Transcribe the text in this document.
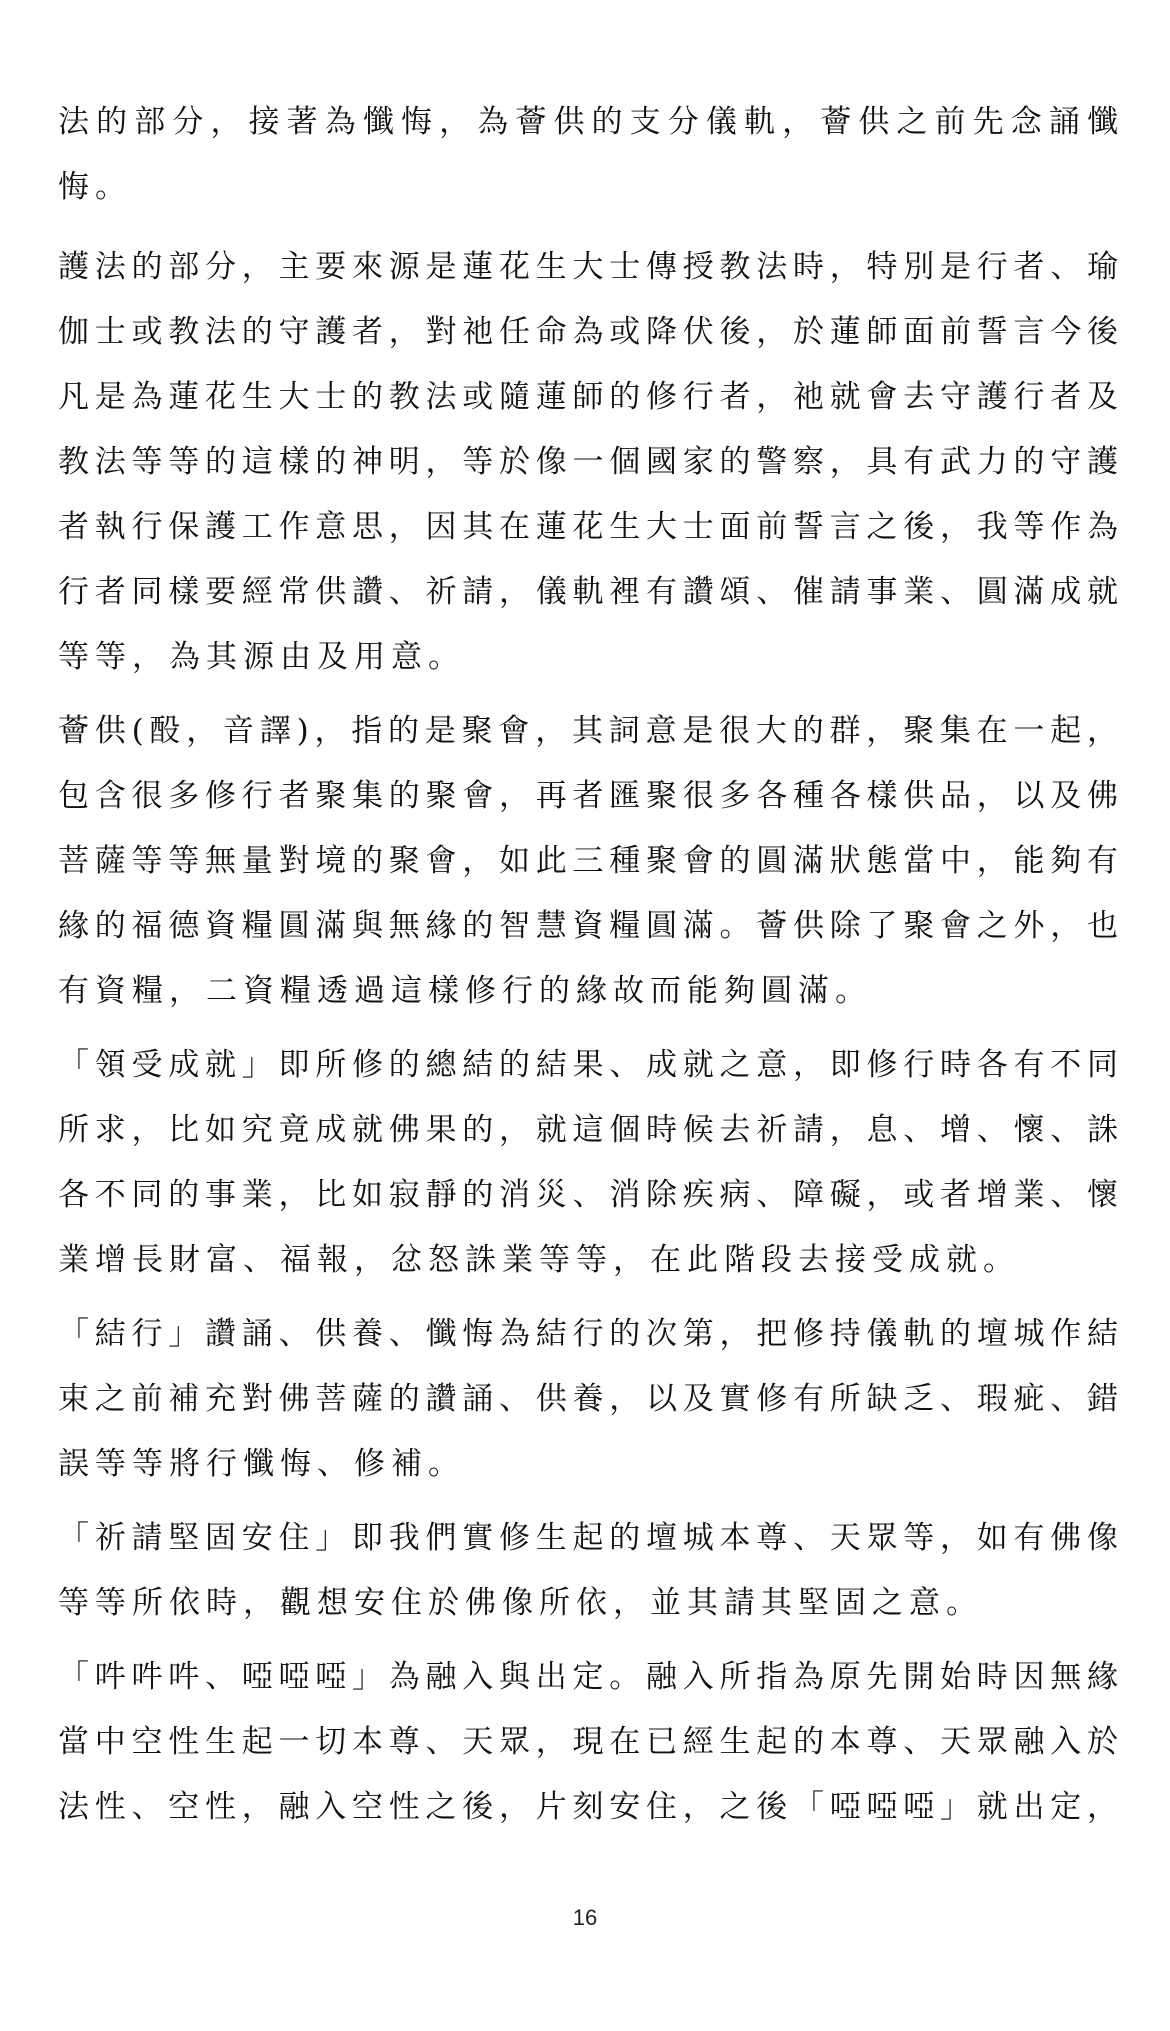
法的部分，接著為懺悔，為薈供的支分儀軌，薈供之前先念誦懺
悔。
護法的部分，主要來源是蓮花生大士傳授教法時，特別是行者、瑜
伽士或教法的守護者，對祂任命為或降伏後，於蓮師面前誓言今後
凡是為蓮花生大士的教法或隨蓮師的修行者，祂就會去守護行者及
教法等等的這樣的神明，等於像一個國家的警察，具有武力的守護
者執行保護工作意思，因其在蓮花生大士面前誓言之後，我等作為
行者同樣要經常供讚、祈請，儀軌裡有讚頌、催請事業、圓滿成就
等等，為其源由及用意。
薈供(酘，音譯)，指的是聚會，其詞意是很大的群，聚集在一起，
包含很多修行者聚集的聚會，再者匯聚很多各種各樣供品，以及佛
菩薩等等無量對境的聚會，如此三種聚會的圓滿狀態當中，能夠有
緣的福德資糧圓滿與無緣的智慧資糧圓滿。薈供除了聚會之外，也
有資糧，二資糧透過這樣修行的緣故而能夠圓滿。
「領受成就」即所修的總結的結果、成就之意，即修行時各有不同
所求，比如究竟成就佛果的，就這個時候去祈請，息、增、懷、誅
各不同的事業，比如寂靜的消災、消除疾病、障礙，或者增業、懷
業增長財富、福報，忿怒誅業等等，在此階段去接受成就。
「結行」讚誦、供養、懺悔為結行的次第，把修持儀軌的壇城作結
束之前補充對佛菩薩的讚誦、供養，以及實修有所缺乏、瑕疵、錯
誤等等將行懺悔、修補。
「祈請堅固安住」即我們實修生起的壇城本尊、天眾等，如有佛像
等等所依時，觀想安住於佛像所依，並其請其堅固之意。
「吽吽吽、啞啞啞」為融入與出定。融入所指為原先開始時因無緣
當中空性生起一切本尊、天眾，現在已經生起的本尊、天眾融入於
法性、空性，融入空性之後，片刻安住，之後「啞啞啞」就出定，
16
